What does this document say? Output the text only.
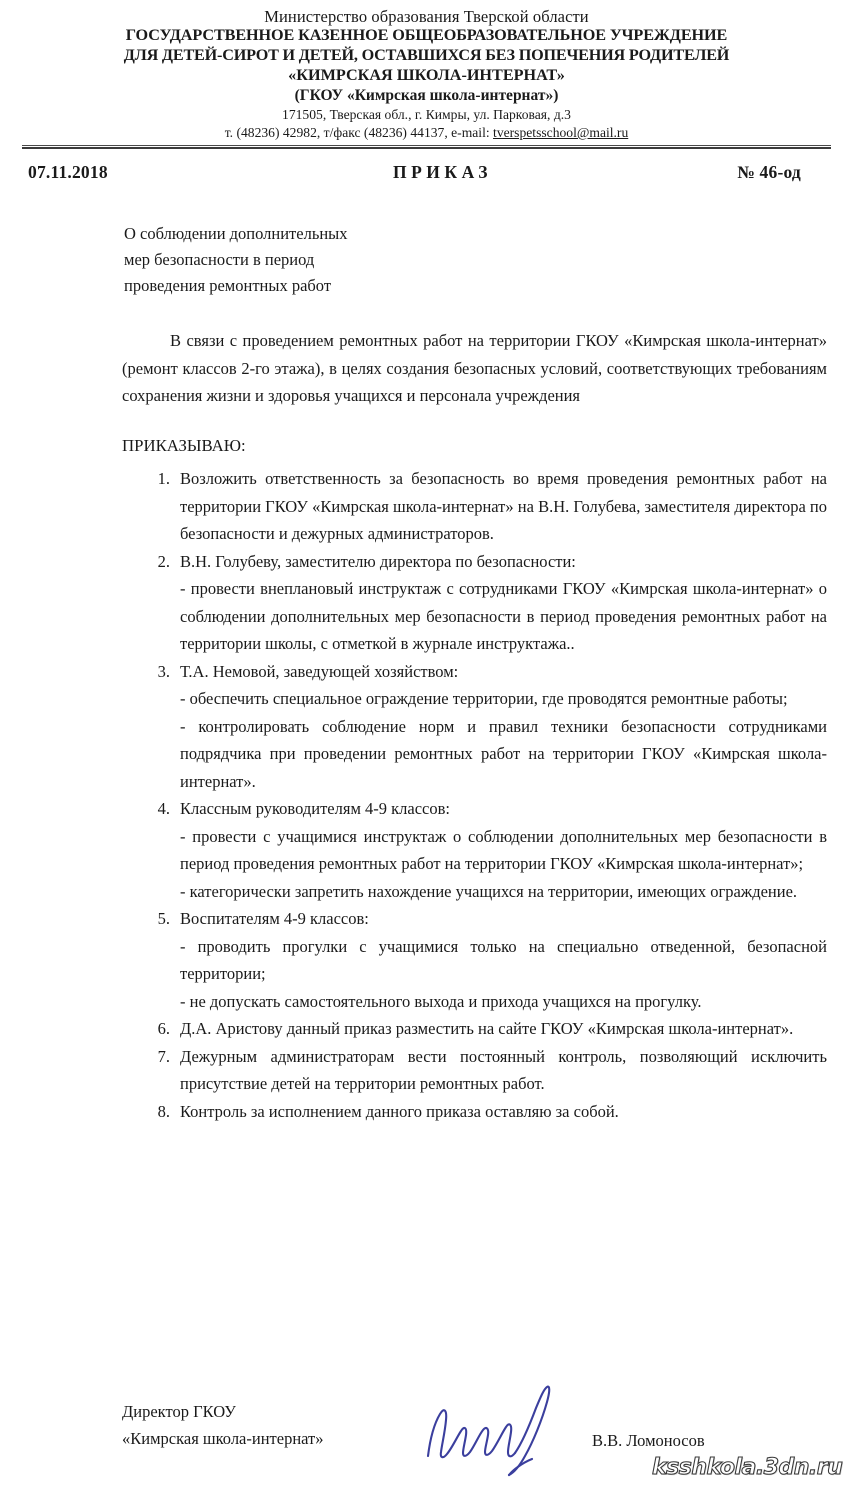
Министерство образования Тверской области
ГОСУДАРСТВЕННОЕ КАЗЕННОЕ ОБЩЕОБРАЗОВАТЕЛЬНОЕ УЧРЕЖДЕНИЕ
ДЛЯ ДЕТЕЙ-СИРОТ И ДЕТЕЙ, ОСТАВШИХСЯ БЕЗ ПОПЕЧЕНИЯ РОДИТЕЛЕЙ
«КИМРСКАЯ ШКОЛА-ИНТЕРНАТ»
(ГКОУ «Кимрская школа-интернат»)
171505, Тверская обл., г. Кимры, ул. Парковая, д.3
т. (48236) 42982, т/факс (48236) 44137, e-mail: tverspetsschool@mail.ru
07.11.2018	ПРИКАЗ	№ 46-од
О соблюдении дополнительных
мер безопасности в период
проведения ремонтных работ

В связи с проведением ремонтных работ на территории ГКОУ «Кимрская школа-интернат» (ремонт классов 2-го этажа), в целях создания безопасных условий, соответствующих требованиям сохранения жизни и здоровья учащихся и персонала учреждения

ПРИКАЗЫВАЮ:
1. Возложить ответственность за безопасность во время проведения ремонтных работ на территории ГКОУ «Кимрская школа-интернат» на В.Н. Голубева, заместителя директора по безопасности и дежурных администраторов.

2. В.Н. Голубеву, заместителю директора по безопасности:

- провести внеплановый инструктаж с сотрудниками ГКОУ «Кимрская школа-интернат» о соблюдении дополнительных мер безопасности в период проведения ремонтных работ на территории школы, с отметкой в журнале инструктажа..

3. Т.А. Немовой, заведующей хозяйством:

- обеспечить специальное ограждение территории, где проводятся ремонтные работы;

- контролировать соблюдение норм и правил техники безопасности сотрудниками подрядчика при проведении ремонтных работ на территории ГКОУ «Кимрская школа-интернат».

4. Классным руководителям 4-9 классов:

- провести с учащимися инструктаж о соблюдении дополнительных мер безопасности в период проведения ремонтных работ на территории ГКОУ «Кимрская школа-интернат»;

- категорически запретить нахождение учащихся на территории, имеющих ограждение.

5. Воспитателям 4-9 классов:

- проводить прогулки с учащимися только на специально отведенной, безопасной территории;

- не допускать самостоятельного выхода и прихода учащихся на прогулку.

6. Д.А. Аристову данный приказ разместить на сайте ГКОУ «Кимрская школа-интернат».

7. Дежурным администраторам вести постоянный контроль, позволяющий исключить присутствие детей на территории ремонтных работ.

8. Контроль за исполнением данного приказа оставляю за собой.

Директор ГКОУ
«Кимрская школа-интернат»	В.В. Ломоносов
ksshkola.3dn.ru
